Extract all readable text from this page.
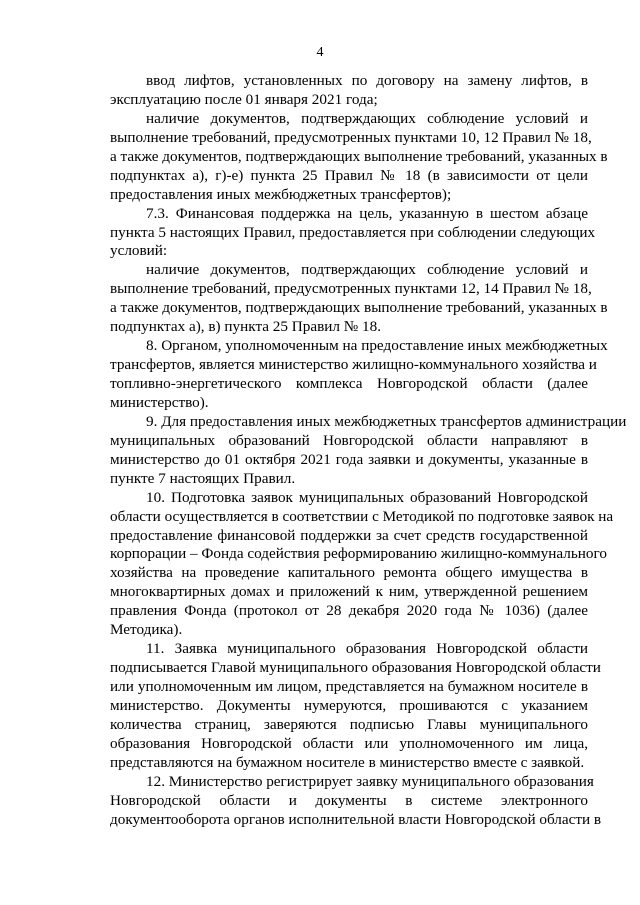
4
ввод лифтов, установленных по договору на замену лифтов, в
эксплуатацию после 01 января 2021 года;
наличие документов, подтверждающих соблюдение условий и
выполнение требований, предусмотренных пунктами 10, 12 Правил № 18,
а также документов, подтверждающих выполнение требований, указанных в
подпунктах а), г)-е) пункта 25 Правил № 18 (в зависимости от цели
предоставления иных межбюджетных трансфертов);
7.3. Финансовая поддержка на цель, указанную в шестом абзаце
пункта 5 настоящих Правил, предоставляется при соблюдении следующих
условий:
наличие документов, подтверждающих соблюдение условий и
выполнение требований, предусмотренных пунктами 12, 14 Правил № 18,
а также документов, подтверждающих выполнение требований, указанных в
подпунктах а), в) пункта 25 Правил № 18.
8. Органом, уполномоченным на предоставление иных межбюджетных
трансфертов, является министерство жилищно-коммунального хозяйства и
топливно-энергетического комплекса Новгородской области (далее
министерство).
9. Для предоставления иных межбюджетных трансфертов администрации
муниципальных образований Новгородской области направляют в
министерство до 01 октября 2021 года заявки и документы, указанные в
пункте 7 настоящих Правил.
10. Подготовка заявок муниципальных образований Новгородской
области осуществляется в соответствии с Методикой по подготовке заявок на
предоставление финансовой поддержки за счет средств государственной
корпорации – Фонда содействия реформированию жилищно-коммунального
хозяйства на проведение капитального ремонта общего имущества в
многоквартирных домах и приложений к ним, утвержденной решением
правления Фонда (протокол от 28 декабря 2020 года № 1036) (далее
Методика).
11. Заявка муниципального образования Новгородской области
подписывается Главой муниципального образования Новгородской области
или уполномоченным им лицом, представляется на бумажном носителе в
министерство. Документы нумеруются, прошиваются с указанием
количества страниц, заверяются подписью Главы муниципального
образования Новгородской области или уполномоченного им лица,
представляются на бумажном носителе в министерство вместе с заявкой.
12. Министерство регистрирует заявку муниципального образования
Новгородской области и документы в системе электронного
документооборота органов исполнительной власти Новгородской области в
